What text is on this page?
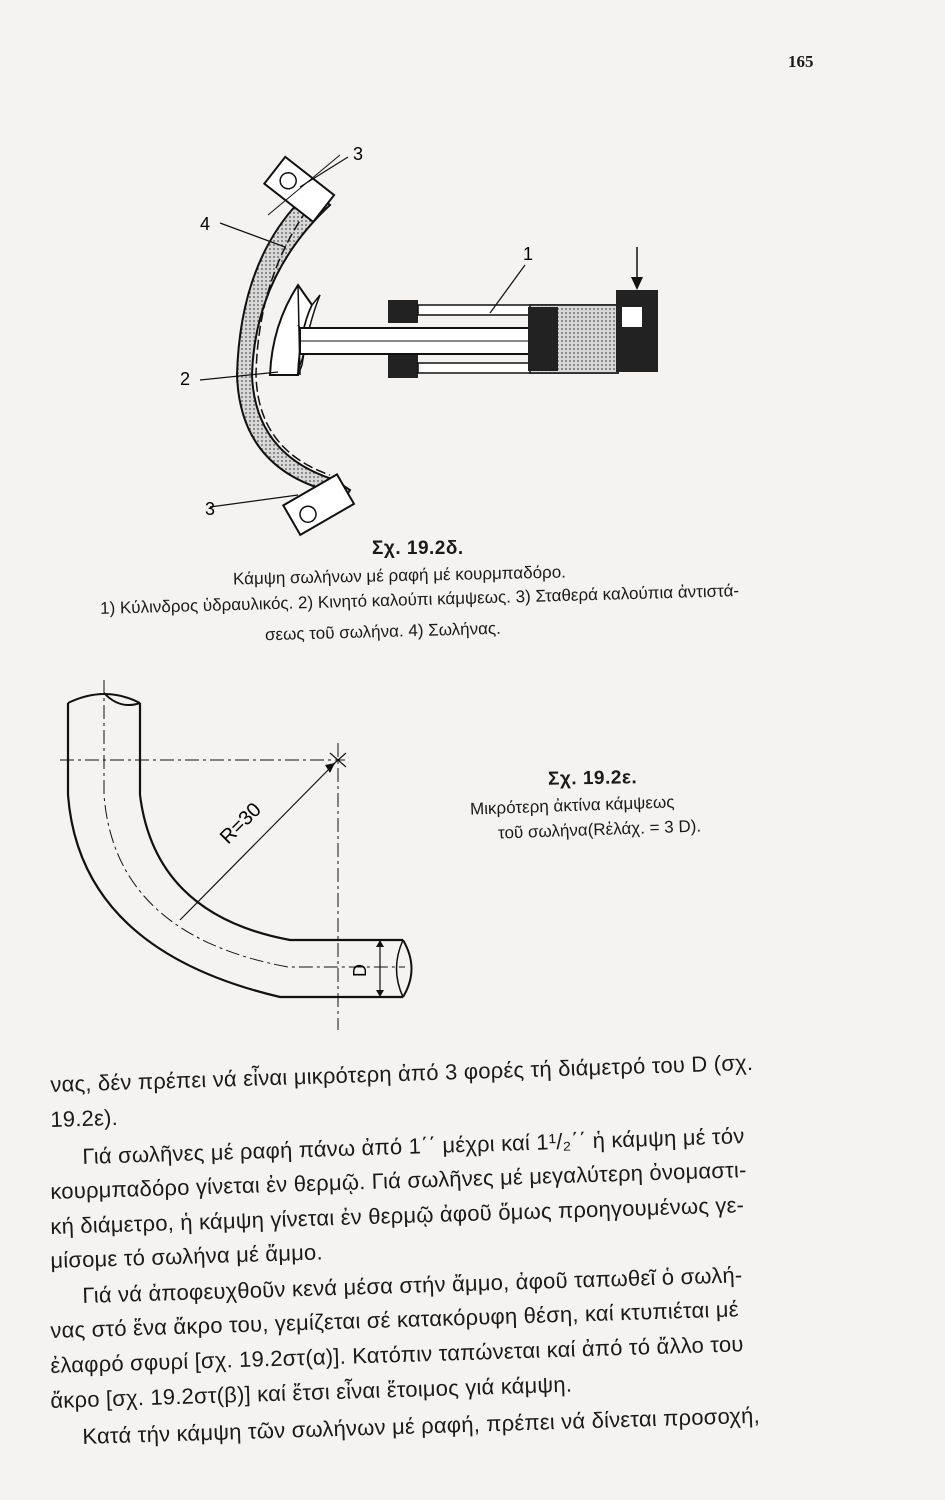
165
3
4
1
2
3
Σχ. 19.2δ.
Κάμψη σωλήνων μέ ραφή μέ κουρμπαδόρο.
1) Κύλινδρος ὑδραυλικός. 2) Κινητό καλούπι κάμψεως. 3) Σταθερά καλούπια ἀντιστά-
σεως τοῦ σωλήνα. 4) Σωλήνας.
R=30
D
Σχ. 19.2ε.
Μικρότερη ἀκτίνα κάμψεως
τοῦ σωλήνα(Rἐλάχ. = 3 D).
νας, δέν πρέπει νά εἶναι μικρότερη ἀπό 3 φορές τή διάμετρό του D (σχ.
19.2ε).
Γιά σωλῆνες μέ ραφή πάνω ἀπό 1΄΄ μέχρι καί 1¹/₂΄΄ ἡ κάμψη μέ τόν
κουρμπαδόρο γίνεται ἐν θερμῷ. Γιά σωλῆνες μέ μεγαλύτερη ὀνομαστι-
κή διάμετρο, ἡ κάμψη γίνεται ἐν θερμῷ ἀφοῦ ὅμως προηγουμένως γε-
μίσομε τό σωλήνα μέ ἄμμο.
Γιά νά ἀποφευχθοῦν κενά μέσα στήν ἄμμο, ἀφοῦ ταπωθεῖ ὁ σωλή-
νας στό ἕνα ἄκρο του, γεμίζεται σέ κατακόρυφη θέση, καί κτυπιέται μέ
ἐλαφρό σφυρί [σχ. 19.2στ(α)]. Κατόπιν ταπώνεται καί ἀπό τό ἄλλο του
ἄκρο [σχ. 19.2στ(β)] καί ἔτσι εἶναι ἕτοιμος γιά κάμψη.
Κατά τήν κάμψη τῶν σωλήνων μέ ραφή, πρέπει νά δίνεται προσοχή,
